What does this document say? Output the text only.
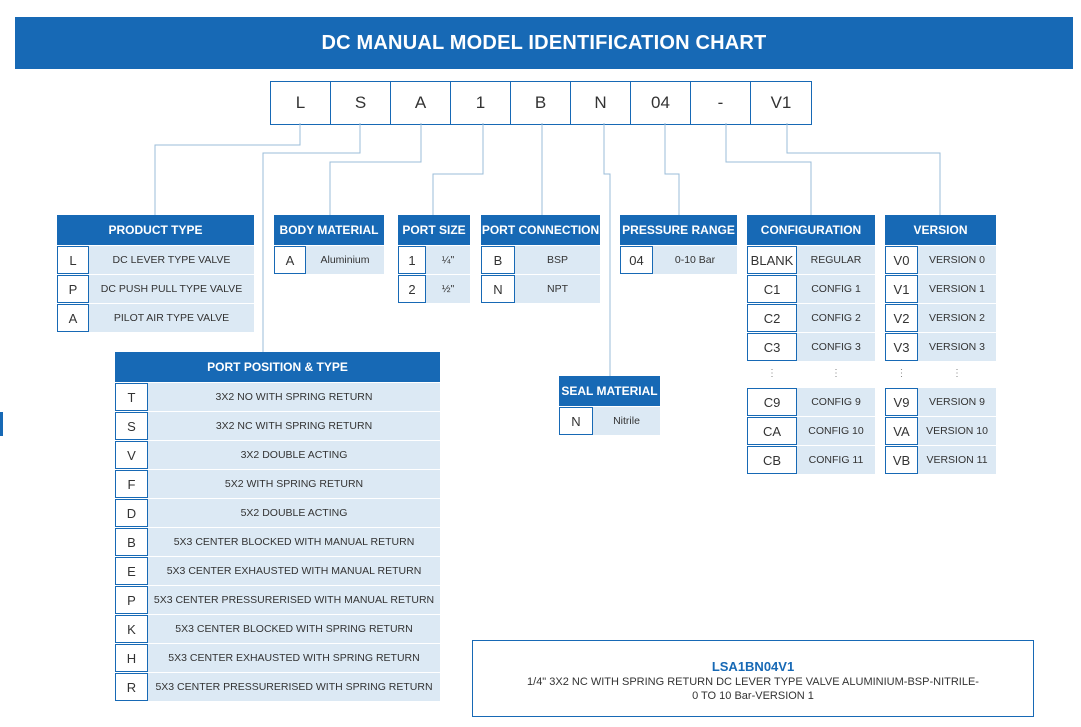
DC MANUAL MODEL IDENTIFICATION CHART
L	S	A	1	B	N	04	-	V1
PRODUCT TYPE
L	DC LEVER TYPE VALVE
P	DC PUSH PULL TYPE VALVE
A	PILOT AIR TYPE VALVE
BODY MATERIAL
A	Aluminium
PORT SIZE
1	¼"
2	½"
PORT CONNECTION
B	BSP
N	NPT
PRESSURE RANGE
04	0-10 Bar
CONFIGURATION
BLANK	REGULAR
C1	CONFIG 1
C2	CONFIG 2
C3	CONFIG 3
⋮	⋮
C9	CONFIG 9
CA	CONFIG 10
CB	CONFIG 11
VERSION
V0	VERSION 0
V1	VERSION 1
V2	VERSION 2
V3	VERSION 3
⋮	⋮
V9	VERSION 9
VA	VERSION 10
VB	VERSION 11
SEAL MATERIAL
N	Nitrile
PORT POSITION & TYPE
T	3X2 NO WITH SPRING RETURN
S	3X2 NC WITH SPRING RETURN
V	3X2 DOUBLE ACTING
F	5X2 WITH SPRING RETURN
D	5X2 DOUBLE ACTING
B	5X3 CENTER BLOCKED WITH MANUAL RETURN
E	5X3 CENTER EXHAUSTED WITH MANUAL RETURN
P	5X3 CENTER PRESSURERISED WITH MANUAL RETURN
K	5X3 CENTER BLOCKED WITH SPRING RETURN
H	5X3 CENTER EXHAUSTED WITH SPRING RETURN
R	5X3 CENTER PRESSURERISED WITH SPRING RETURN
LSA1BN04V1
1/4" 3X2 NC WITH SPRING RETURN DC LEVER TYPE VALVE ALUMINIUM-BSP-NITRILE-
0 TO 10 Bar-VERSION 1
